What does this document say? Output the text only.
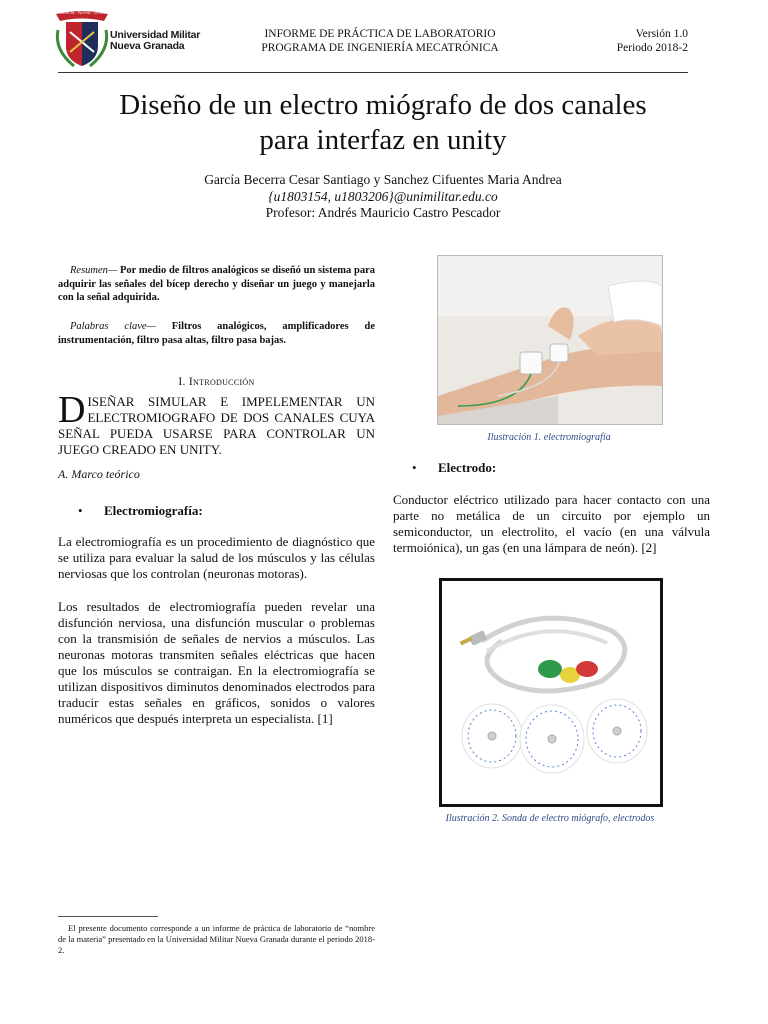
CIENCIA · PATRIA · CIENCIA
Universidad Militar
Nueva Granada
INFORME DE PRÁCTICA DE LABORATORIO
PROGRAMA DE INGENIERÍA MECATRÓNICA
Versión 1.0
Periodo 2018-2
Diseño de un electro miógrafo de dos canales
para interfaz en unity
García Becerra Cesar Santiago y Sanchez Cifuentes Maria Andrea
{u1803154, u1803206}@unimilitar.edu.co
Profesor: Andrés Mauricio Castro Pescador
Resumen— Por medio de filtros analógicos se diseñó un sistema para adquirir las señales del bícep derecho y diseñar un juego y manejarla con la señal adquirida.
Palabras clave— Filtros analógicos, amplificadores de instrumentación, filtro pasa altas, filtro pasa bajas.
I. Introducción
D ISEÑAR SIMULAR E IMPELEMENTAR UN ELECTROMIOGRAFO DE DOS CANALES CUYA SEÑAL PUEDA USARSE PARA CONTROLAR UN JUEGO CREADO EN UNITY.
A. Marco teórico
• Electromiografía:
La electromiografía es un procedimiento de diagnóstico que se utiliza para evaluar la salud de los músculos y las células nerviosas que los controlan (neuronas motoras).
Los resultados de electromiografía pueden revelar una disfunción nerviosa, una disfunción muscular o problemas con la transmisión de señales de nervios a músculos. Las neuronas motoras transmiten señales eléctricas que hacen que los músculos se contraigan. En la electromiografía se utilizan dispositivos diminutos denominados electrodos para traducir estas señales en gráficos, sonidos o valores numéricos que después interpreta un especialista. [1]
El presente documento corresponde a un informe de práctica de laboratorio de “nombre de la materia” presentado en la Universidad Militar Nueva Granada durante el periodo 2018-2.
Ilustración 1. electromiografía
• Electrodo:
Conductor eléctrico utilizado para hacer contacto con una parte no metálica de un circuito por ejemplo un semiconductor, un electrolito, el vacío (en una válvula termoiónica), un gas (en una lámpara de neón). [2]
Ilustración 2. Sonda de electro miógrafo, electrodos
